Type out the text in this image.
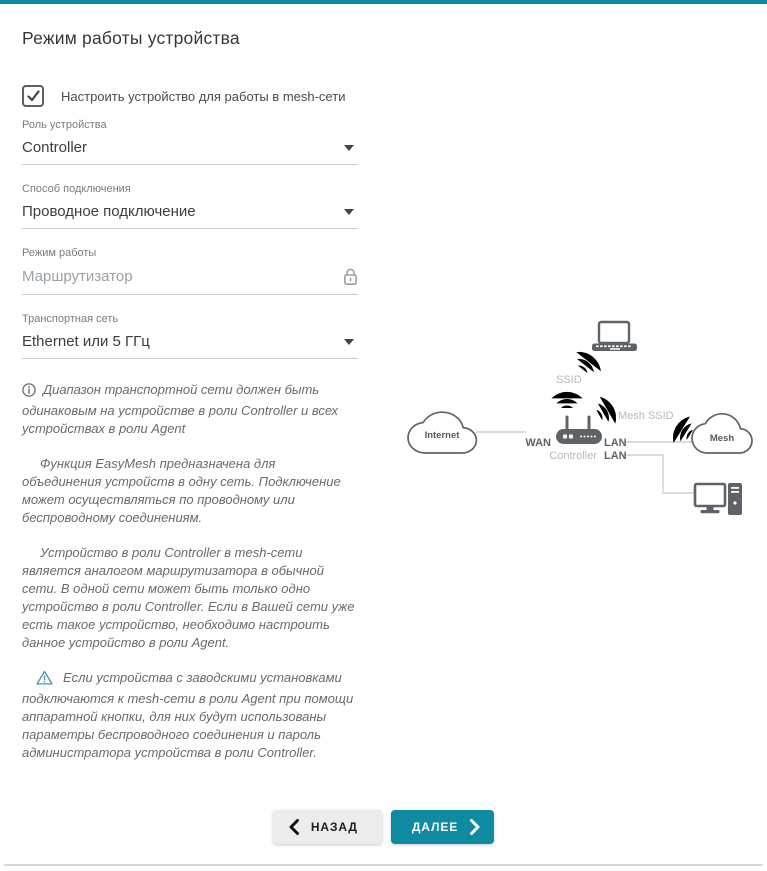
Режим работы устройства
Настроить устройство для работы в mesh-сети
Роль устройства
Controller
Способ подключения
Проводное подключение
Режим работы
Маршрутизатор
Транспортная сеть
Ethernet или 5 ГГц

Диапазон транспортной сети должен быть одинаковым на устройстве в роли Controller и всех устройствах в роли Agent

Функция EasyMesh предназначена для объединения устройств в одну сеть. Подключение может осуществляться по проводному или беспроводному соединениям.

Устройство в роли Controller в mesh-сети является аналогом маршрутизатора в обычной сети. В одной сети может быть только одно устройство в роли Controller. Если в Вашей сети уже есть такое устройство, необходимо настроить данное устройство в роли Agent.

Если устройства с заводскими установками подключаются к mesh-сети в роли Agent при помощи аппаратной кнопки, для них будут использованы параметры беспроводного соединения и пароль администратора устройства в роли Controller.

Internet	Mesh
SSID
Mesh SSID
WAN	LAN
LAN
Controller
НАЗАД	ДАЛЕЕ
